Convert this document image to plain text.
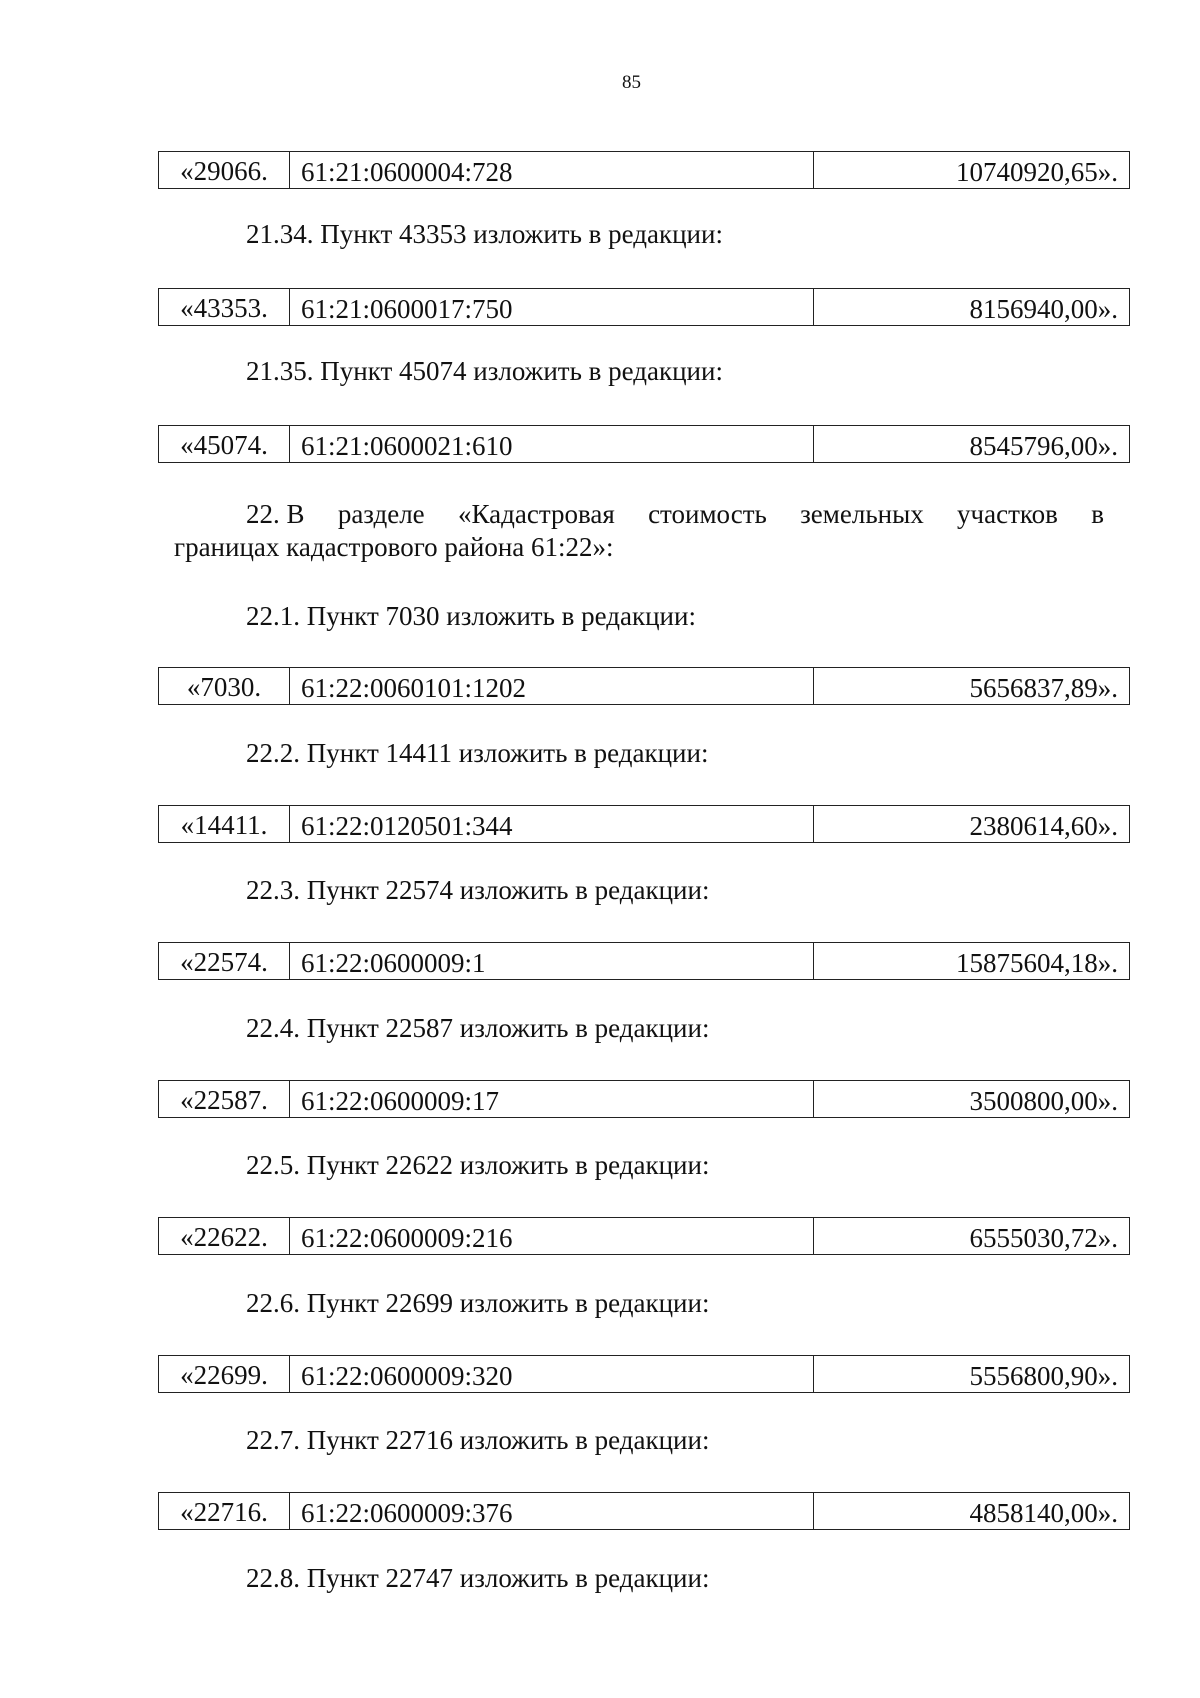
85
«29066.	61:21:0600004:728	10740920,65».
21.34. Пункт 43353 изложить в редакции:
«43353.	61:21:0600017:750	8156940,00».
21.35. Пункт 45074 изложить в редакции:
«45074.	61:21:0600021:610	8545796,00».
22. В разделе «Кадастровая стоимость земельных участков в
границах кадастрового района 61:22»:
22.1. Пункт 7030 изложить в редакции:
«7030.	61:22:0060101:1202	5656837,89».
22.2. Пункт 14411 изложить в редакции:
«14411.	61:22:0120501:344	2380614,60».
22.3. Пункт 22574 изложить в редакции:
«22574.	61:22:0600009:1	15875604,18».
22.4. Пункт 22587 изложить в редакции:
«22587.	61:22:0600009:17	3500800,00».
22.5. Пункт 22622 изложить в редакции:
«22622.	61:22:0600009:216	6555030,72».
22.6. Пункт 22699 изложить в редакции:
«22699.	61:22:0600009:320	5556800,90».
22.7. Пункт 22716 изложить в редакции:
«22716.	61:22:0600009:376	4858140,00».
22.8. Пункт 22747 изложить в редакции:
